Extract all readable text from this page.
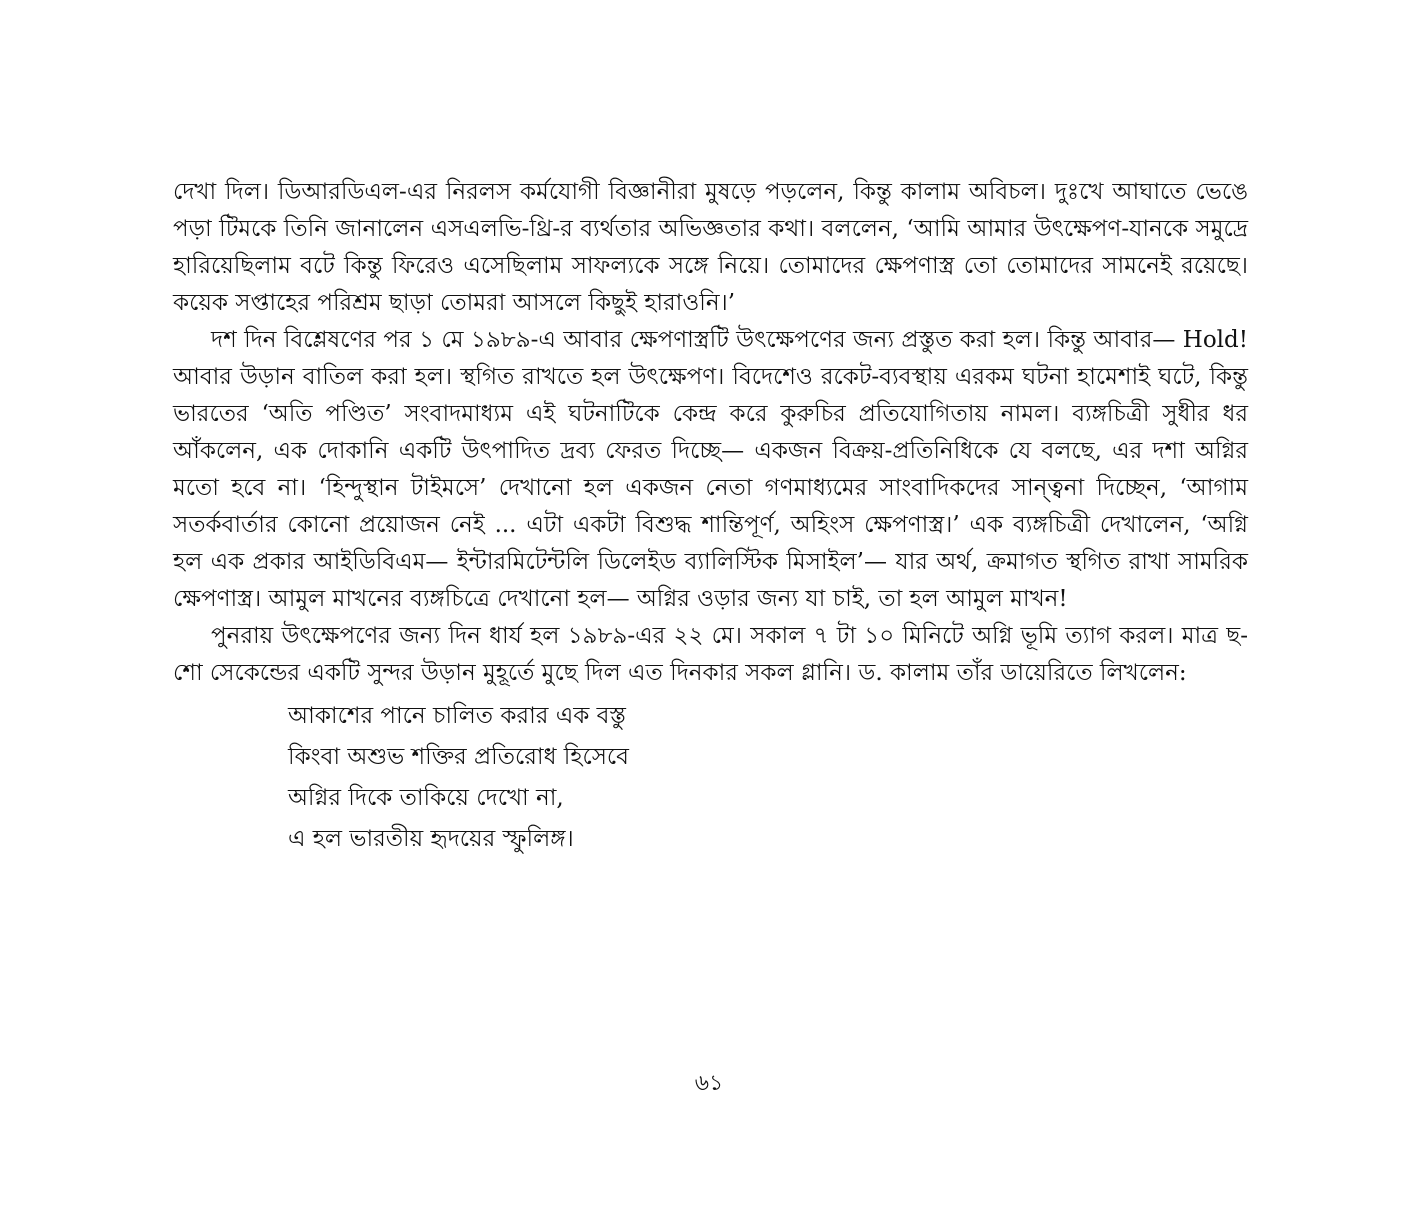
দেখা দিল। ডিআরডিএল-এর নিরলস কর্মযোগী বিজ্ঞানীরা মুষড়ে পড়লেন, কিন্তু কালাম অবিচল। দুঃখে আঘাতে ভেঙে পড়া টিমকে তিনি জানালেন এসএলভি-থ্রি-র ব্যর্থতার অভিজ্ঞতার কথা। বললেন, ‘আমি আমার উৎক্ষেপণ-যানকে সমুদ্রে হারিয়েছিলাম বটে কিন্তু ফিরেও এসেছিলাম সাফল্যকে সঙ্গে নিয়ে। তোমাদের ক্ষেপণাস্ত্র তো তোমাদের সামনেই রয়েছে। কয়েক সপ্তাহের পরিশ্রম ছাড়া তোমরা আসলে কিছুই হারাওনি।’

দশ দিন বিশ্লেষণের পর ১ মে ১৯৮৯-এ আবার ক্ষেপণাস্ত্রটি উৎক্ষেপণের জন্য প্রস্তুত করা হল। কিন্তু আবার— Hold! আবার উড়ান বাতিল করা হল। স্থগিত রাখতে হল উৎক্ষেপণ। বিদেশেও রকেট-ব্যবস্থায় এরকম ঘটনা হামেশাই ঘটে, কিন্তু ভারতের ‘অতি পণ্ডিত’ সংবাদমাধ্যম এই ঘটনাটিকে কেন্দ্র করে কুরুচির প্রতিযোগিতায় নামল। ব্যঙ্গচিত্রী সুধীর ধর আঁকলেন, এক দোকানি একটি উৎপাদিত দ্রব্য ফেরত দিচ্ছে— একজন বিক্রয়-প্রতিনিধিকে যে বলছে, এর দশা অগ্নির মতো হবে না। ‘হিন্দুস্থান টাইমসে’ দেখানো হল একজন নেতা গণমাধ্যমের সাংবাদিকদের সান্ত্বনা দিচ্ছেন, ‘আগাম সতর্কবার্তার কোনো প্রয়োজন নেই ... এটা একটা বিশুদ্ধ শান্তিপূর্ণ, অহিংস ক্ষেপণাস্ত্র।’ এক ব্যঙ্গচিত্রী দেখালেন, ‘অগ্নি হল এক প্রকার আইডিবিএম— ইন্টারমিটেন্টলি ডিলেইড ব্যালিস্টিক মিসাইল’— যার অর্থ, ক্রমাগত স্থগিত রাখা সামরিক ক্ষেপণাস্ত্র। আমুল মাখনের ব্যঙ্গচিত্রে দেখানো হল— অগ্নির ওড়ার জন্য যা চাই, তা হল আমুল মাখন!

পুনরায় উৎক্ষেপণের জন্য দিন ধার্য হল ১৯৮৯-এর ২২ মে। সকাল ৭ টা ১০ মিনিটে অগ্নি ভূমি ত্যাগ করল। মাত্র ছ-শো সেকেন্ডের একটি সুন্দর উড়ান মুহূর্তে মুছে দিল এত দিনকার সকল গ্লানি। ড. কালাম তাঁর ডায়েরিতে লিখলেন:

আকাশের পানে চালিত করার এক বস্তু
কিংবা অশুভ শক্তির প্রতিরোধ হিসেবে
অগ্নির দিকে তাকিয়ে দেখো না,
এ হল ভারতীয় হৃদয়ের স্ফুলিঙ্গ।
৬১
